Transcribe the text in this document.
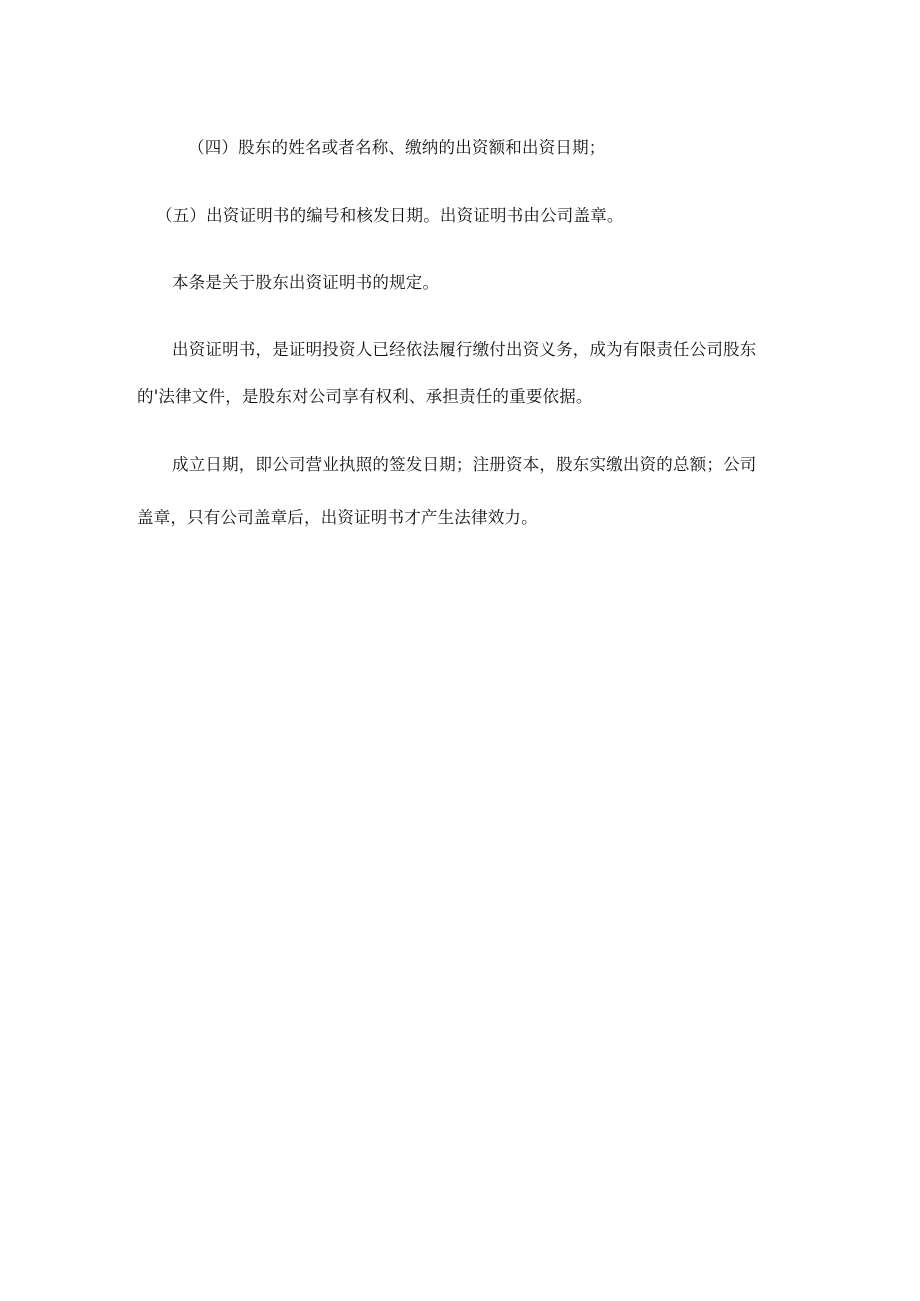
（四）股东的姓名或者名称、缴纳的出资额和出资日期；
（五）出资证明书的编号和核发日期。出资证明书由公司盖章。
本条是关于股东出资证明书的规定。
出资证明书，是证明投资人已经依法履行缴付出资义务，成为有限责任公司股东
的'法律文件，是股东对公司享有权利、承担责任的重要依据。
成立日期，即公司营业执照的签发日期；注册资本，股东实缴出资的总额；公司
盖章，只有公司盖章后，出资证明书才产生法律效力。
